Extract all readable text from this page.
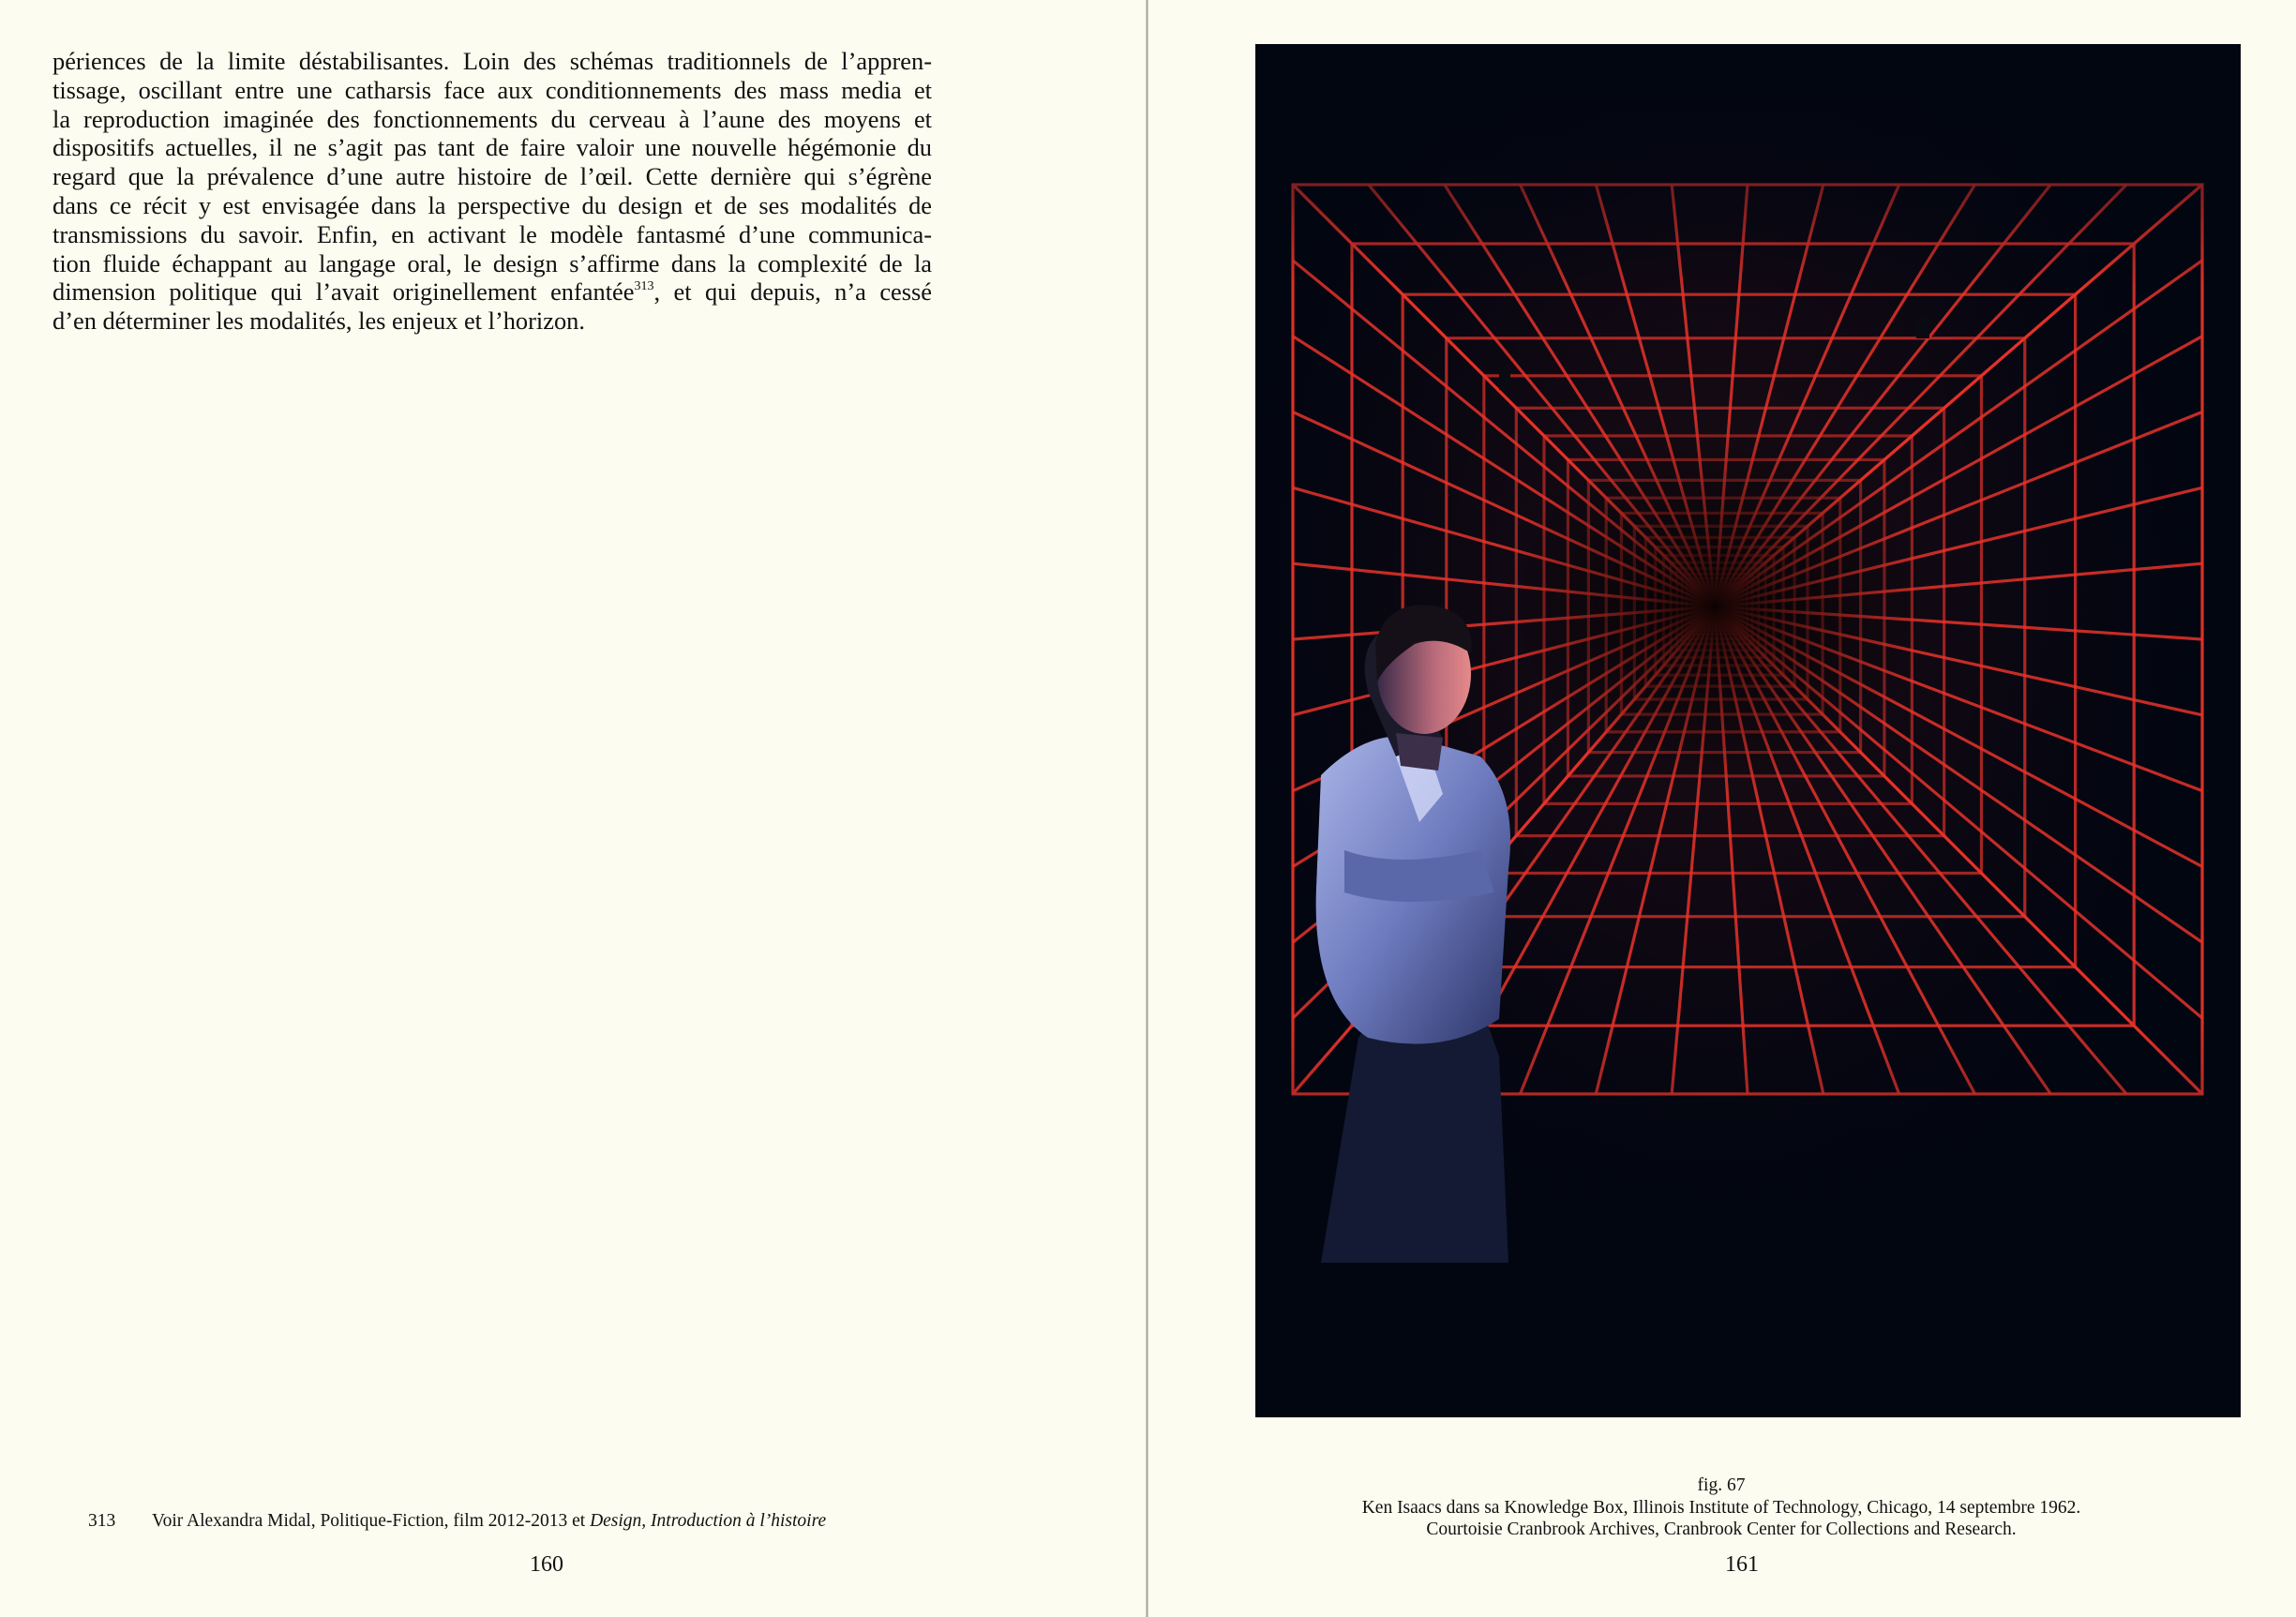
périences de la limite déstabilisantes. Loin des schémas traditionnels de l’appren-
tissage, oscillant entre une catharsis face aux conditionnements des mass media et
la reproduction imaginée des fonctionnements du cerveau à l’aune des moyens et
dispositifs actuelles, il ne s’agit pas tant de faire valoir une nouvelle hégémonie du
regard que la prévalence d’une autre histoire de l’œil. Cette dernière qui s’égrène
dans ce récit y est envisagée dans la perspective du design et de ses modalités de
transmissions du savoir. Enfin, en activant le modèle fantasmé d’une communica-
tion fluide échappant au langage oral, le design s’affirme dans la complexité de la
dimension politique qui l’avait originellement enfantée$^{313}$, et qui depuis, n’a cessé
d’en déterminer les modalités, les enjeux et l’horizon.

313 Voir Alexandra Midal, Politique-Fiction, film 2012-2013 et Design, Introduction à l’histoire
160
fig. 67
Ken Isaacs dans sa Knowledge Box, Illinois Institute of Technology, Chicago, 14 septembre 1962.
Courtoisie Cranbrook Archives, Cranbrook Center for Collections and Research.
161
